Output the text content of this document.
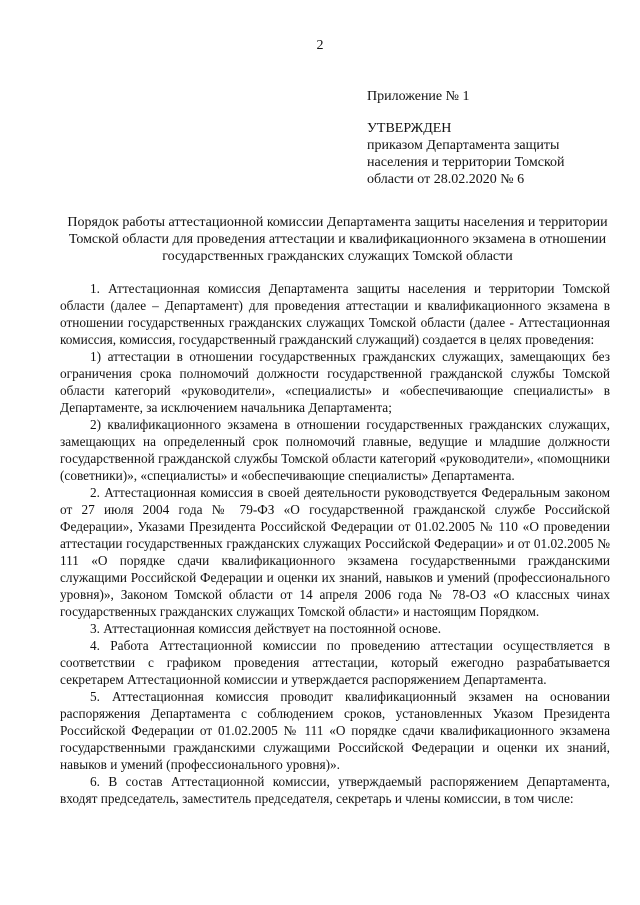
2
Приложение № 1
УТВЕРЖДЕН
приказом Департамента защиты
населения и территории Томской
области от 28.02.2020 № 6
Порядок работы аттестационной комиссии Департамента защиты населения и территории Томской области для проведения аттестации и квалификационного экзамена в отношении государственных гражданских служащих Томской области

1. Аттестационная комиссия Департамента защиты населения и территории Томской области (далее – Департамент) для проведения аттестации и квалификационного экзамена в отношении государственных гражданских служащих Томской области (далее - Аттестационная комиссия, комиссия, государственный гражданский служащий) создается в целях проведения:

1) аттестации в отношении государственных гражданских служащих, замещающих без ограничения срока полномочий должности государственной гражданской службы Томской области категорий «руководители», «специалисты» и «обеспечивающие специалисты» в Департаменте, за исключением начальника Департамента;

2) квалификационного экзамена в отношении государственных гражданских служащих, замещающих на определенный срок полномочий главные, ведущие и младшие должности государственной гражданской службы Томской области категорий «руководители», «помощники (советники)», «специалисты» и «обеспечивающие специалисты» Департамента.

2. Аттестационная комиссия в своей деятельности руководствуется Федеральным законом от 27 июля 2004 года № 79-ФЗ «О государственной гражданской службе Российской Федерации», Указами Президента Российской Федерации от 01.02.2005 № 110 «О проведении аттестации государственных гражданских служащих Российской Федерации» и от 01.02.2005 № 111 «О порядке сдачи квалификационного экзамена государственными гражданскими служащими Российской Федерации и оценки их знаний, навыков и умений (профессионального уровня)», Законом Томской области от 14 апреля 2006 года № 78-ОЗ «О классных чинах государственных гражданских служащих Томской области» и настоящим Порядком.

3. Аттестационная комиссия действует на постоянной основе.

4. Работа Аттестационной комиссии по проведению аттестации осуществляется в соответствии с графиком проведения аттестации, который ежегодно разрабатывается секретарем Аттестационной комиссии и утверждается распоряжением Департамента.

5. Аттестационная комиссия проводит квалификационный экзамен на основании распоряжения Департамента с соблюдением сроков, установленных Указом Президента Российской Федерации от 01.02.2005 № 111 «О порядке сдачи квалификационного экзамена государственными гражданскими служащими Российской Федерации и оценки их знаний, навыков и умений (профессионального уровня)».

6. В состав Аттестационной комиссии, утверждаемый распоряжением Департамента, входят председатель, заместитель председателя, секретарь и члены комиссии, в том числе:
